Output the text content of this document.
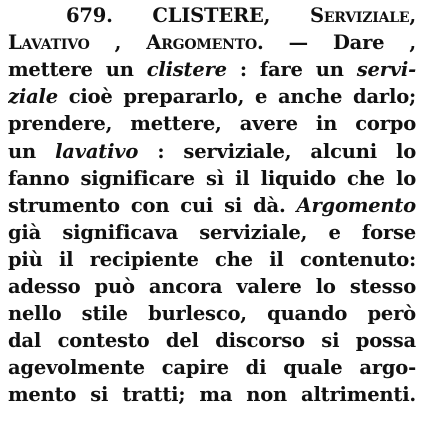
679. CLISTERE, Serviziale,
Lavativo , Argomento. — Dare ,
mettere un clistere : fare un servi-
ziale cioè prepararlo, e anche darlo;
prendere, mettere, avere in corpo
un lavativo : serviziale, alcuni lo
fanno significare sì il liquido che lo
strumento con cui si dà. Argomento
già significava serviziale, e forse
più il recipiente che il contenuto:
adesso può ancora valere lo stesso
nello stile burlesco, quando però
dal contesto del discorso si possa
agevolmente capire di quale argo-
mento si tratti; ma non altrimenti.
